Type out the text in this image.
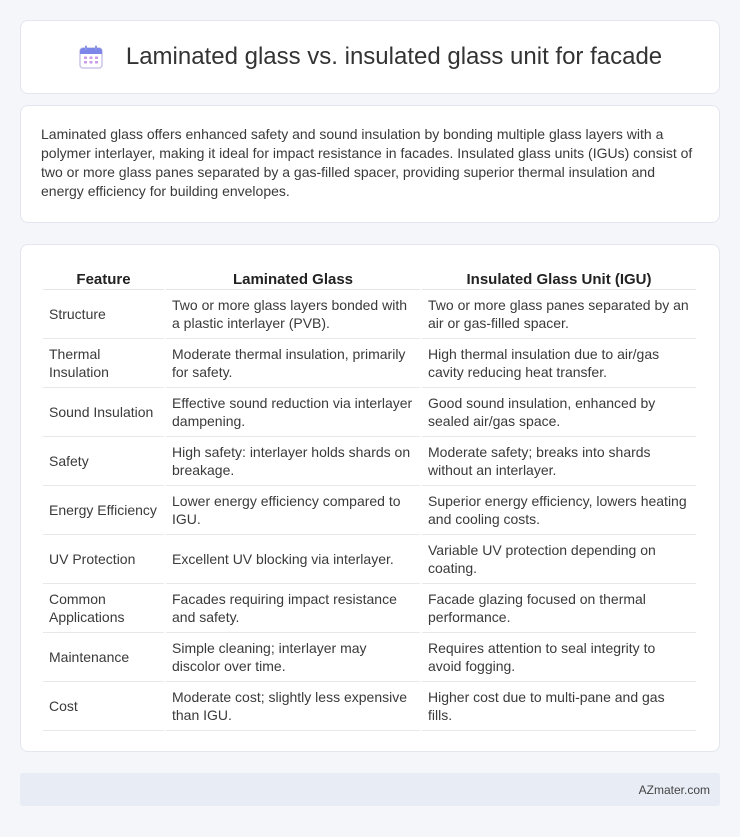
Laminated glass vs. insulated glass unit for facade

Laminated glass offers enhanced safety and sound insulation by bonding multiple glass layers with a polymer interlayer, making it ideal for impact resistance in facades. Insulated glass units (IGUs) consist of two or more glass panes separated by a gas-filled spacer, providing superior thermal insulation and energy efficiency for building envelopes.

Feature	Laminated Glass	Insulated Glass Unit (IGU)
Structure	Two or more glass layers bonded with a plastic interlayer (PVB).	Two or more glass panes separated by an air or gas-filled spacer.
Thermal Insulation	Moderate thermal insulation, primarily for safety.	High thermal insulation due to air/gas cavity reducing heat transfer.
Sound Insulation	Effective sound reduction via interlayer dampening.	Good sound insulation, enhanced by sealed air/gas space.
Safety	High safety: interlayer holds shards on breakage.	Moderate safety; breaks into shards without an interlayer.
Energy Efficiency	Lower energy efficiency compared to IGU.	Superior energy efficiency, lowers heating and cooling costs.
UV Protection	Excellent UV blocking via interlayer.	Variable UV protection depending on coating.
Common Applications	Facades requiring impact resistance and safety.	Facade glazing focused on thermal performance.
Maintenance	Simple cleaning; interlayer may discolor over time.	Requires attention to seal integrity to avoid fogging.
Cost	Moderate cost; slightly less expensive than IGU.	Higher cost due to multi-pane and gas fills.
AZmater.com
